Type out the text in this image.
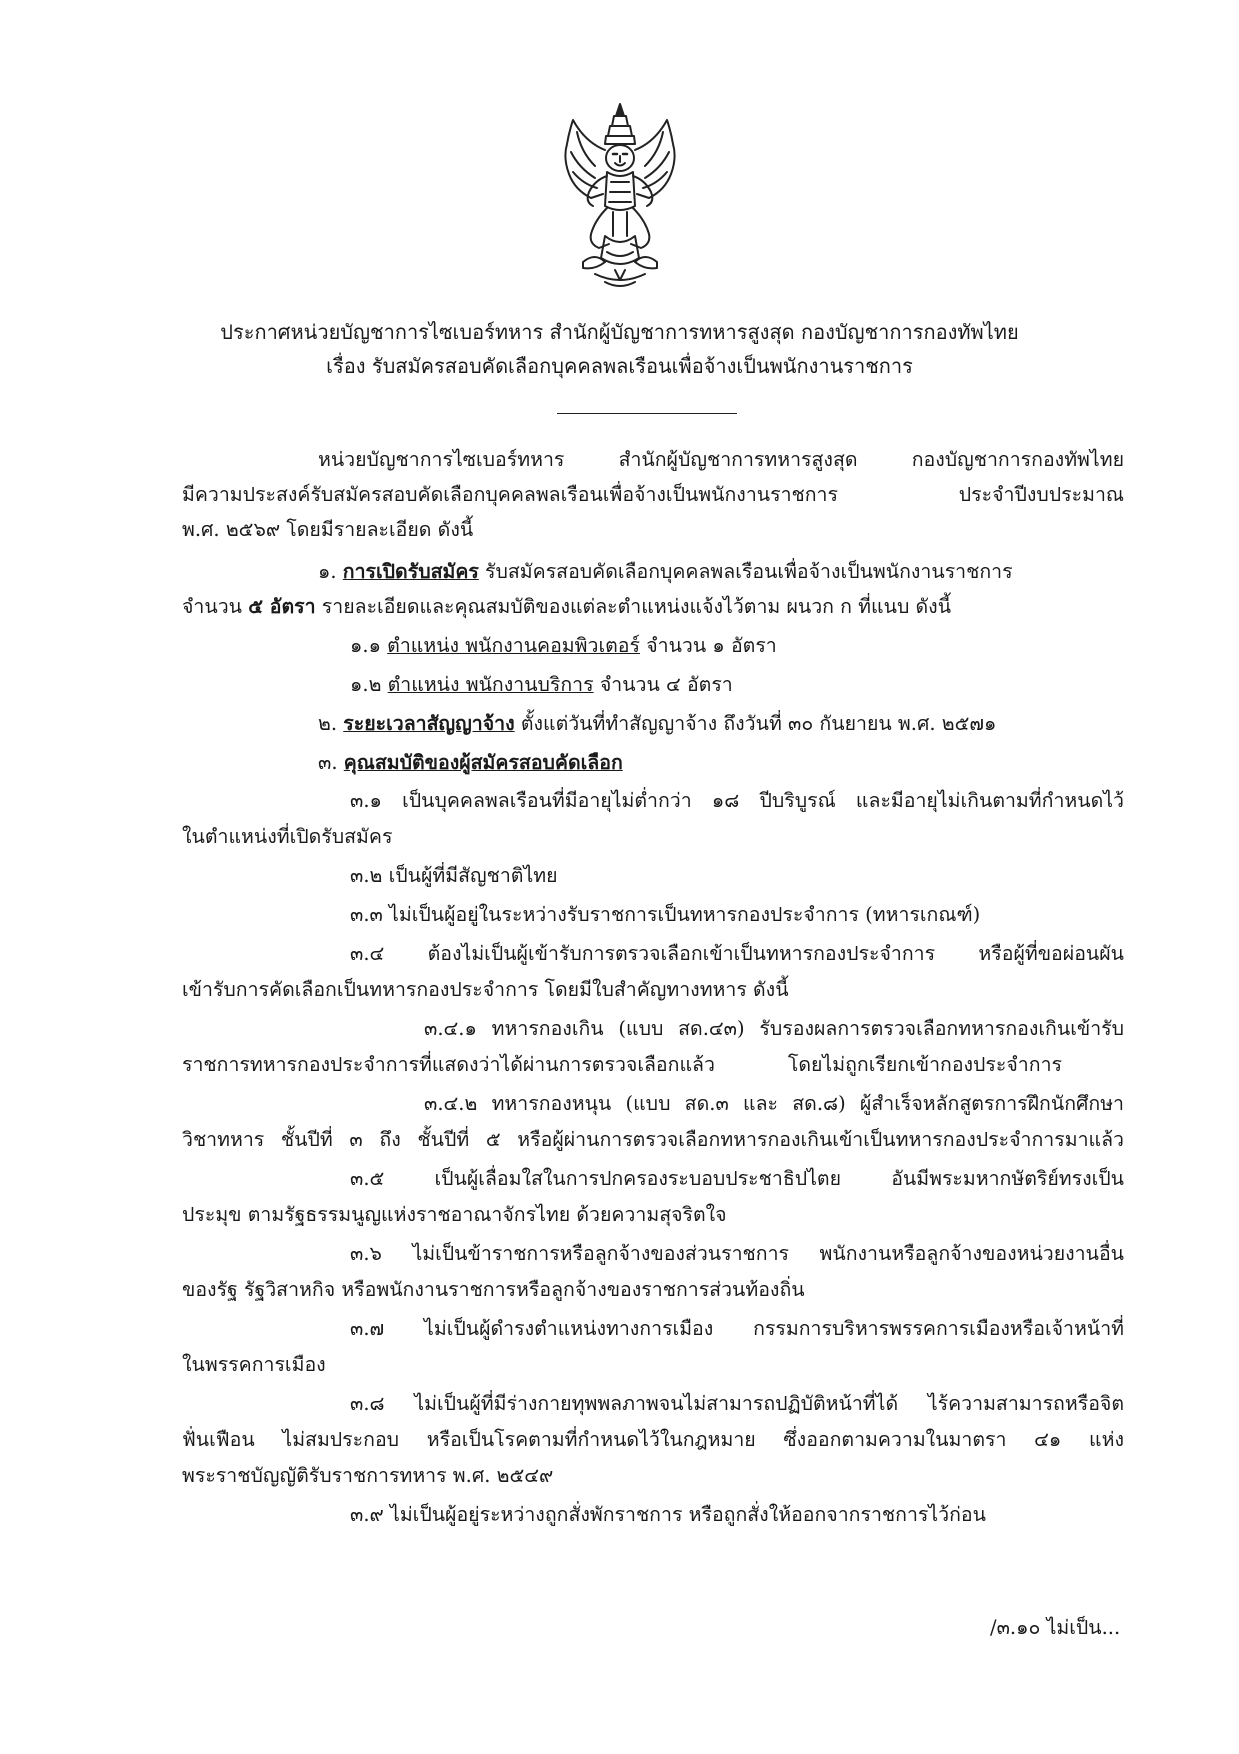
ประกาศหน่วยบัญชาการไซเบอร์ทหาร สำนักผู้บัญชาการทหารสูงสุด กองบัญชาการกองทัพไทย
เรื่อง รับสมัครสอบคัดเลือกบุคคลพลเรือนเพื่อจ้างเป็นพนักงานราชการ
หน่วยบัญชาการไซเบอร์ทหาร สำนักผู้บัญชาการทหารสูงสุด กองบัญชาการกองทัพไทย
มีความประสงค์รับสมัครสอบคัดเลือกบุคคลพลเรือนเพื่อจ้างเป็นพนักงานราชการ ประจำปีงบประมาณ
พ.ศ. ๒๕๖๙ โดยมีรายละเอียด ดังนี้
๑. การเปิดรับสมัคร รับสมัครสอบคัดเลือกบุคคลพลเรือนเพื่อจ้างเป็นพนักงานราชการ
จำนวน ๕ อัตรา รายละเอียดและคุณสมบัติของแต่ละตำแหน่งแจ้งไว้ตาม ผนวก ก ที่แนบ ดังนี้
๑.๑ ตำแหน่ง พนักงานคอมพิวเตอร์ จำนวน ๑ อัตรา
๑.๒ ตำแหน่ง พนักงานบริการ จำนวน ๔ อัตรา
๒. ระยะเวลาสัญญาจ้าง ตั้งแต่วันที่ทำสัญญาจ้าง ถึงวันที่ ๓๐ กันยายน พ.ศ. ๒๕๗๑
๓. คุณสมบัติของผู้สมัครสอบคัดเลือก
๓.๑ เป็นบุคคลพลเรือนที่มีอายุไม่ต่ำกว่า ๑๘ ปีบริบูรณ์ และมีอายุไม่เกินตามที่กำหนดไว้
ในตำแหน่งที่เปิดรับสมัคร
๓.๒ เป็นผู้ที่มีสัญชาติไทย
๓.๓ ไม่เป็นผู้อยู่ในระหว่างรับราชการเป็นทหารกองประจำการ (ทหารเกณฑ์)
๓.๔ ต้องไม่เป็นผู้เข้ารับการตรวจเลือกเข้าเป็นทหารกองประจำการ หรือผู้ที่ขอผ่อนผัน
เข้ารับการคัดเลือกเป็นทหารกองประจำการ โดยมีใบสำคัญทางทหาร ดังนี้
๓.๔.๑ ทหารกองเกิน (แบบ สด.๔๓) รับรองผลการตรวจเลือกทหารกองเกินเข้ารับ
ราชการทหารกองประจำการที่แสดงว่าได้ผ่านการตรวจเลือกแล้ว โดยไม่ถูกเรียกเข้ากองประจำการ
๓.๔.๒ ทหารกองหนุน (แบบ สด.๓ และ สด.๘) ผู้สำเร็จหลักสูตรการฝึกนักศึกษา
วิชาทหาร ชั้นปีที่ ๓ ถึง ชั้นปีที่ ๕ หรือผู้ผ่านการตรวจเลือกทหารกองเกินเข้าเป็นทหารกองประจำการมาแล้ว
๓.๕ เป็นผู้เลื่อมใสในการปกครองระบอบประชาธิปไตย อันมีพระมหากษัตริย์ทรงเป็น
ประมุข ตามรัฐธรรมนูญแห่งราชอาณาจักรไทย ด้วยความสุจริตใจ
๓.๖ ไม่เป็นข้าราชการหรือลูกจ้างของส่วนราชการ พนักงานหรือลูกจ้างของหน่วยงานอื่น
ของรัฐ รัฐวิสาหกิจ หรือพนักงานราชการหรือลูกจ้างของราชการส่วนท้องถิ่น
๓.๗ ไม่เป็นผู้ดำรงตำแหน่งทางการเมือง กรรมการบริหารพรรคการเมืองหรือเจ้าหน้าที่
ในพรรคการเมือง
๓.๘ ไม่เป็นผู้ที่มีร่างกายทุพพลภาพจนไม่สามารถปฏิบัติหน้าที่ได้ ไร้ความสามารถหรือจิต
ฟั่นเฟือน ไม่สมประกอบ หรือเป็นโรคตามที่กำหนดไว้ในกฎหมาย ซึ่งออกตามความในมาตรา ๔๑ แห่ง
พระราชบัญญัติรับราชการทหาร พ.ศ. ๒๕๔๙
๓.๙ ไม่เป็นผู้อยู่ระหว่างถูกสั่งพักราชการ หรือถูกสั่งให้ออกจากราชการไว้ก่อน
/๓.๑๐ ไม่เป็น...
